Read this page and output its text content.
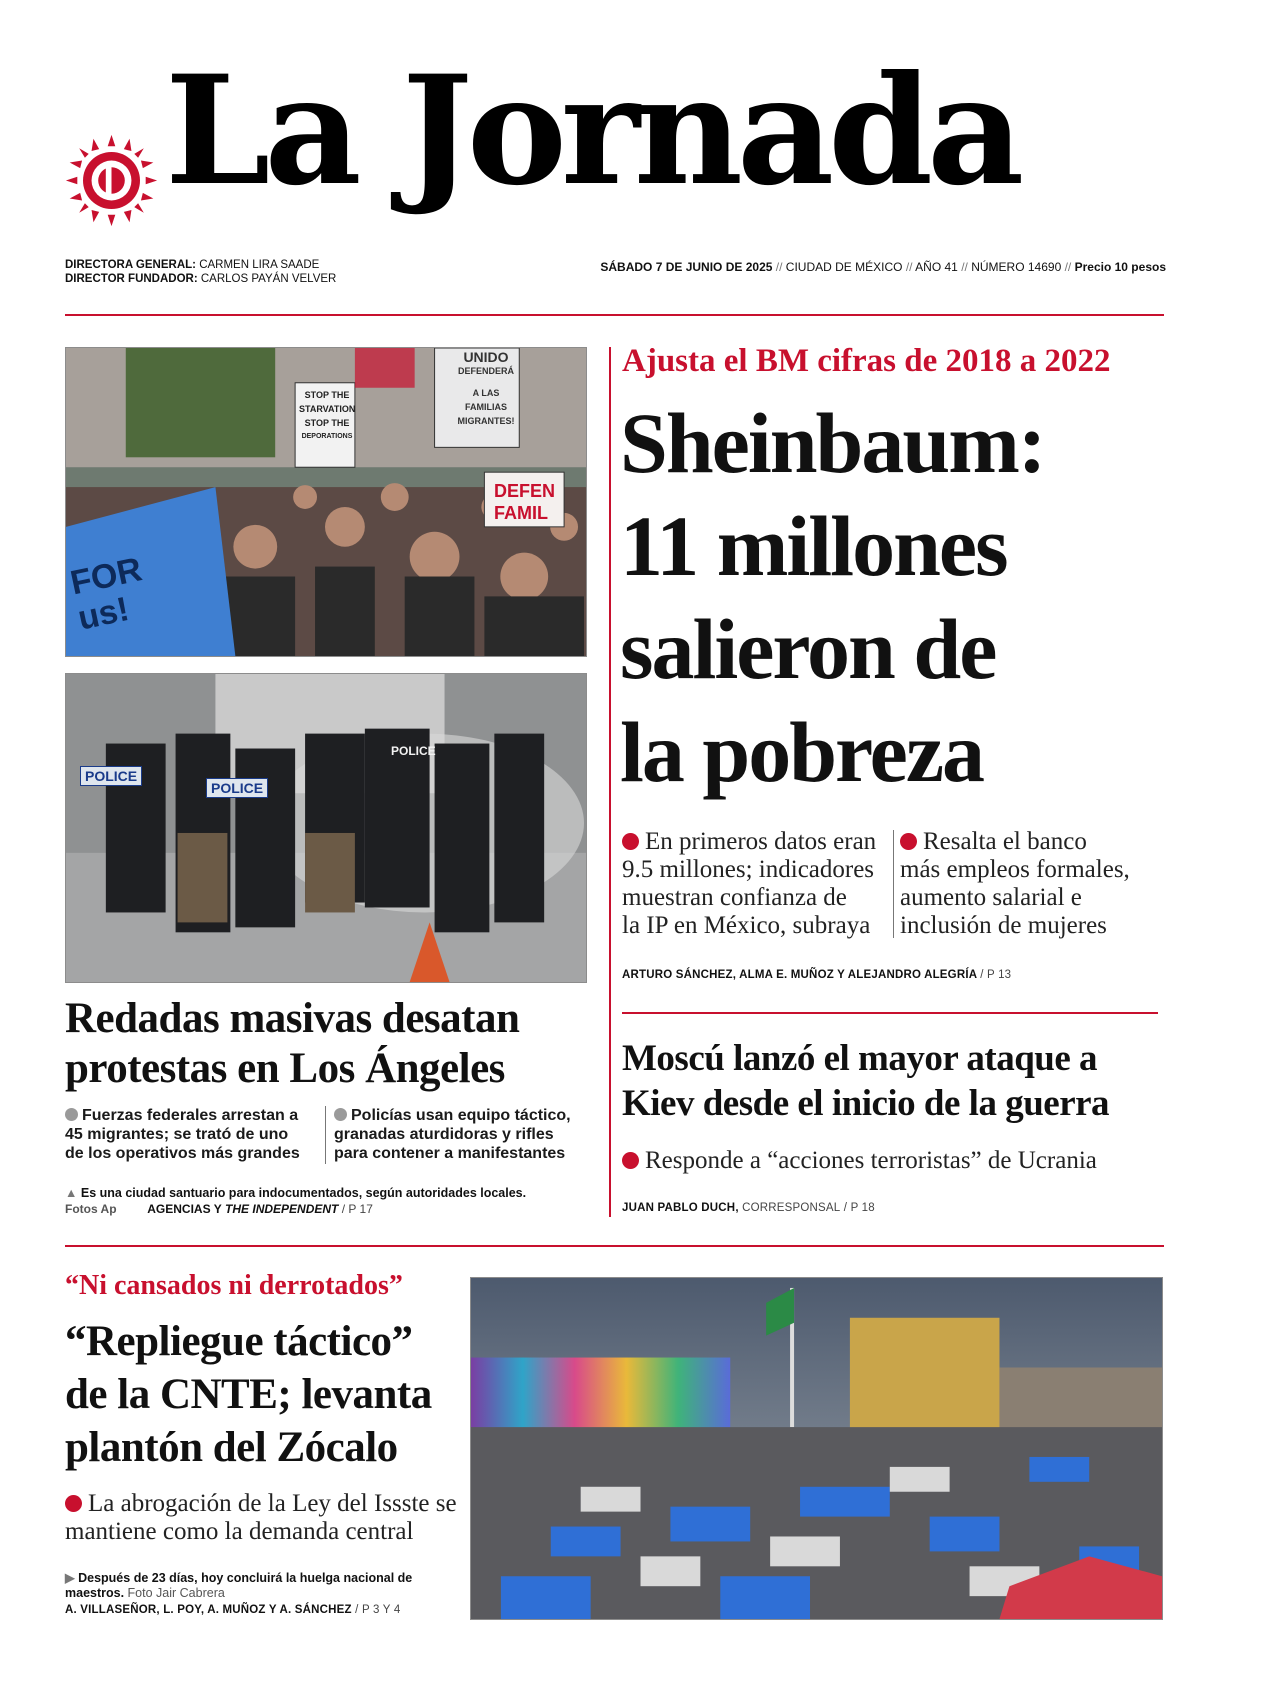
La Jornada
DIRECTORA GENERAL: CARMEN LIRA SAADE
DIRECTOR FUNDADOR: CARLOS PAYÁN VELVER
SÁBADO 7 DE JUNIO DE 2025 // CIUDAD DE MÉXICO // AÑO 41 // NÚMERO 14690 // Precio 10 pesos
UNIDO
DEFENDERÁ
A LAS FAMILIAS
MIGRANTES!
STOP THE
STARVATION
STOP THE
DEPORATIONS
FOR
us!
DEFEN
FAMIL
POLICE
POLICE
POLICE
Redadas masivas desatan
protestas en Los Ángeles
Fuerzas federales arrestan a
45 migrantes; se trató de uno
de los operativos más grandes
Policías usan equipo táctico,
granadas aturdidoras y rifles
para contener a manifestantes
▲ Es una ciudad santuario para indocumentados, según autoridades locales.
Fotos Ap	AGENCIAS Y THE INDEPENDENT / P 17
Ajusta el BM cifras de 2018 a 2022
Sheinbaum:
11 millones
salieron de
la pobreza
En primeros datos eran
9.5 millones; indicadores
muestran confianza de
la IP en México, subraya
Resalta el banco
más empleos formales,
aumento salarial e
inclusión de mujeres
ARTURO SÁNCHEZ, ALMA E. MUÑOZ Y ALEJANDRO ALEGRÍA / P 13
Moscú lanzó el mayor ataque a
Kiev desde el inicio de la guerra
Responde a “acciones terroristas” de Ucrania
JUAN PABLO DUCH, CORRESPONSAL / P 18
“Ni cansados ni derrotados”
“Repliegue táctico”
de la CNTE; levanta
plantón del Zócalo
La abrogación de la Ley del Issste se
mantiene como la demanda central
▶ Después de 23 días, hoy concluirá la huelga nacional de
maestros. Foto Jair Cabrera
A. VILLASEÑOR, L. POY, A. MUÑOZ Y A. SÁNCHEZ / P 3 Y 4
